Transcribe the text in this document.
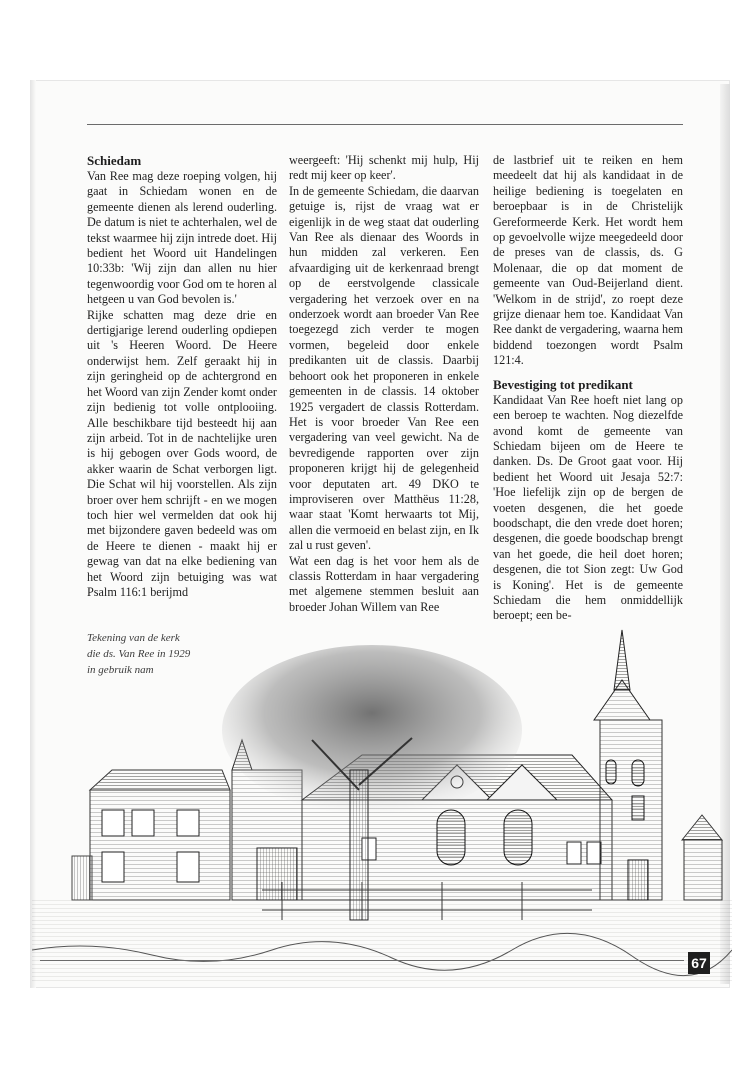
Schiedam

Van Ree mag deze roeping volgen, hij gaat in Schiedam wonen en de gemeente dienen als lerend ouderling. De datum is niet te achterhalen, wel de tekst waarmee hij zijn intrede doet. Hij bedient het Woord uit Handelingen 10:33b: 'Wij zijn dan allen nu hier tegenwoordig voor God om te horen al hetgeen u van God bevolen is.'

Rijke schatten mag deze drie en dertigjarige lerend ouderling opdiepen uit 's Heeren Woord. De Heere onderwijst hem. Zelf geraakt hij in zijn geringheid op de achtergrond en het Woord van zijn Zender komt onder zijn bedienig tot volle ontplooiing. Alle beschikbare tijd besteedt hij aan zijn arbeid. Tot in de nachtelijke uren is hij gebogen over Gods woord, de akker waarin de Schat verborgen ligt. Die Schat wil hij voorstellen. Als zijn broer over hem schrijft - en we mogen toch hier wel vermelden dat ook hij met bijzondere gaven bedeeld was om de Heere te dienen - maakt hij er gewag van dat na elke bediening van het Woord zijn betuiging was wat Psalm 116:1 berijmd

weergeeft: 'Hij schenkt mij hulp, Hij redt mij keer op keer'.

In de gemeente Schiedam, die daarvan getuige is, rijst de vraag wat er eigenlijk in de weg staat dat ouderling Van Ree als dienaar des Woords in hun midden zal verkeren. Een afvaardiging uit de kerkenraad brengt op de eerstvolgende classicale vergadering het verzoek over en na onderzoek wordt aan broeder Van Ree toegezegd zich verder te mogen vormen, begeleid door enkele predikanten uit de classis. Daarbij behoort ook het proponeren in enkele gemeenten in de classis. 14 oktober 1925 vergadert de classis Rotterdam. Het is voor broeder Van Ree een vergadering van veel gewicht. Na de bevredigende rapporten over zijn proponeren krijgt hij de gelegenheid voor deputaten art. 49 DKO te improviseren over Matthëus 11:28, waar staat 'Komt herwaarts tot Mij, allen die vermoeid en belast zijn, en Ik zal u rust geven'.

Wat een dag is het voor hem als de classis Rotterdam in haar vergadering met algemene stemmen besluit aan broeder Johan Willem van Ree

de lastbrief uit te reiken en hem meedeelt dat hij als kandidaat in de heilige bediening is toegelaten en beroepbaar is in de Christelijk Gereformeerde Kerk. Het wordt hem op gevoelvolle wijze meegedeeld door de preses van de classis, ds. G Molenaar, die op dat moment de gemeente van Oud-Beijerland dient. 'Welkom in de strijd', zo roept deze grijze dienaar hem toe. Kandidaat Van Ree dankt de vergadering, waarna hem biddend toezongen wordt Psalm 121:4.

Bevestiging tot predikant

Kandidaat Van Ree hoeft niet lang op een beroep te wachten. Nog diezelfde avond komt de gemeente van Schiedam bijeen om de Heere te danken. Ds. De Groot gaat voor. Hij bedient het Woord uit Jesaja 52:7: 'Hoe liefelijk zijn op de bergen de voeten desgenen, die het goede boodschapt, die den vrede doet horen; desgenen, die goede boodschap brengt van het goede, die heil doet horen; desgenen, die tot Sion zegt: Uw God is Koning'. Het is de gemeente Schiedam die hem onmiddellijk beroept; een be-

Tekening van de kerk
die ds. Van Ree in 1929
in gebruik nam
67
